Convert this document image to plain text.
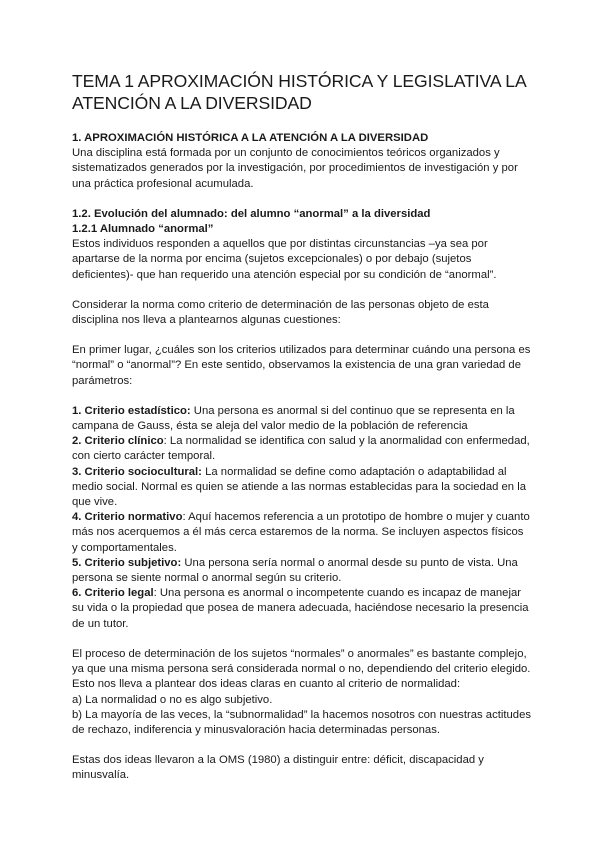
TEMA 1 APROXIMACIÓN HISTÓRICA Y LEGISLATIVA LA ATENCIÓN A LA DIVERSIDAD

1. APROXIMACIÓN HISTÓRICA A LA ATENCIÓN A LA DIVERSIDAD

Una disciplina está formada por un conjunto de conocimientos teóricos organizados y sistematizados generados por la investigación, por procedimientos de investigación y por una práctica profesional acumulada.

1.2. Evolución del alumnado: del alumno “anormal” a la diversidad

1.2.1 Alumnado “anormal”

Estos individuos responden a aquellos que por distintas circunstancias –ya sea por apartarse de la norma por encima (sujetos excepcionales) o por debajo (sujetos deficientes)- que han requerido una atención especial por su condición de “anormal”.

Considerar la norma como criterio de determinación de las personas objeto de esta disciplina nos lleva a plantearnos algunas cuestiones:

En primer lugar, ¿cuáles son los criterios utilizados para determinar cuándo una persona es “normal” o “anormal”? En este sentido, observamos la existencia de una gran variedad de parámetros:

1. Criterio estadístico: Una persona es anormal si del continuo que se representa en la campana de Gauss, ésta se aleja del valor medio de la población de referencia

2. Criterio clínico: La normalidad se identifica con salud y la anormalidad con enfermedad, con cierto carácter temporal.

3. Criterio sociocultural: La normalidad se define como adaptación o adaptabilidad al medio social. Normal es quien se atiende a las normas establecidas para la sociedad en la que vive.

4. Criterio normativo: Aquí hacemos referencia a un prototipo de hombre o mujer y cuanto más nos acerquemos a él más cerca estaremos de la norma. Se incluyen aspectos físicos y comportamentales.

5. Criterio subjetivo: Una persona sería normal o anormal desde su punto de vista. Una persona se siente normal o anormal según su criterio.

6. Criterio legal: Una persona es anormal o incompetente cuando es incapaz de manejar su vida o la propiedad que posea de manera adecuada, haciéndose necesario la presencia de un tutor.

El proceso de determinación de los sujetos “normales” o anormales” es bastante complejo, ya que una misma persona será considerada normal o no, dependiendo del criterio elegido. Esto nos lleva a plantear dos ideas claras en cuanto al criterio de normalidad:

a) La normalidad o no es algo subjetivo.

b) La mayoría de las veces, la “subnormalidad” la hacemos nosotros con nuestras actitudes de rechazo, indiferencia y minusvaloración hacia determinadas personas.

Estas dos ideas llevaron a la OMS (1980) a distinguir entre: déficit, discapacidad y minusvalía.
